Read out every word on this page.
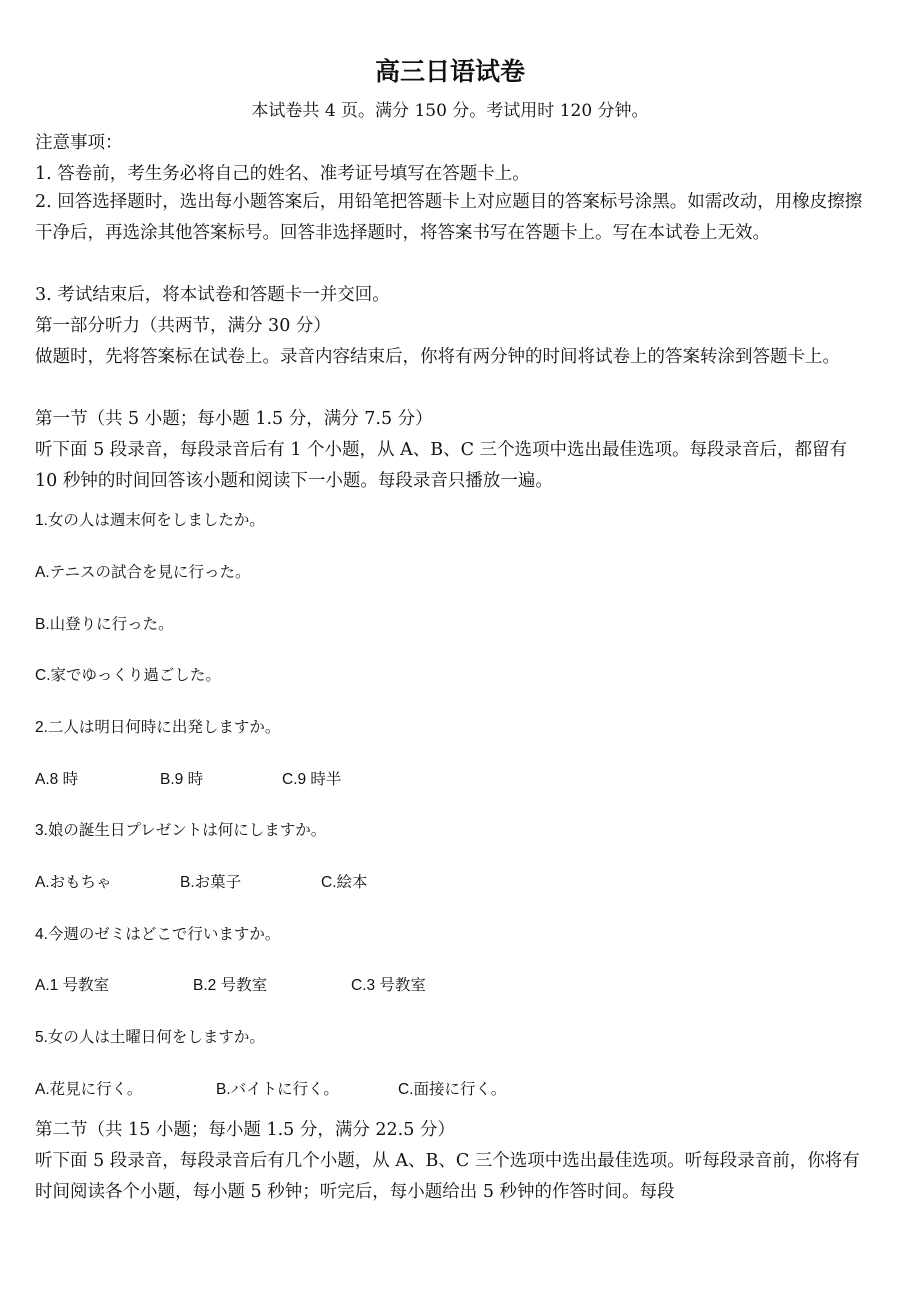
高三日语试卷
本试卷共 4 页。满分 150 分。考试用时 120 分钟。
注意事项：
1. 答卷前，考生务必将自己的姓名、准考证号填写在答题卡上。
2. 回答选择题时，选出每小题答案后，用铅笔把答题卡上对应题目的答案标号涂黑。如需改动，用橡皮擦擦干净后，再选涂其他答案标号。回答非选择题时，将答案书写在答题卡上。写在本试卷上无效。
3. 考试结束后，将本试卷和答题卡一并交回。
第一部分听力（共两节，满分 30 分）
做题时，先将答案标在试卷上。录音内容结束后，你将有两分钟的时间将试卷上的答案转涂到答题卡上。
第一节（共 5 小题；每小题 1.5 分，满分 7.5 分）
听下面 5 段录音，每段录音后有 1 个小题，从 A、B、C 三个选项中选出最佳选项。每段录音后，都留有 10 秒钟的时间回答该小题和阅读下一小题。每段录音只播放一遍。
1.女の人は週末何をしましたか。
A.テニスの試合を見に行った。
B.山登りに行った。
C.家でゆっくり過ごした。
2.二人は明日何時に出発しますか。
A.8 時	B.9 時	C.9 時半
3.娘の誕生日プレゼントは何にしますか。
A.おもちゃ	B.お菓子	C.絵本
4.今週のゼミはどこで行いますか。
A.1 号教室	B.2 号教室	C.3 号教室
5.女の人は土曜日何をしますか。
A.花見に行く。	B.バイトに行く。	C.面接に行く。
第二节（共 15 小题；每小题 1.5 分，满分 22.5 分）
听下面 5 段录音，每段录音后有几个小题，从 A、B、C 三个选项中选出最佳选项。听每段录音前，你将有时间阅读各个小题，每小题 5 秒钟；听完后，每小题给出 5 秒钟的作答时间。每段
